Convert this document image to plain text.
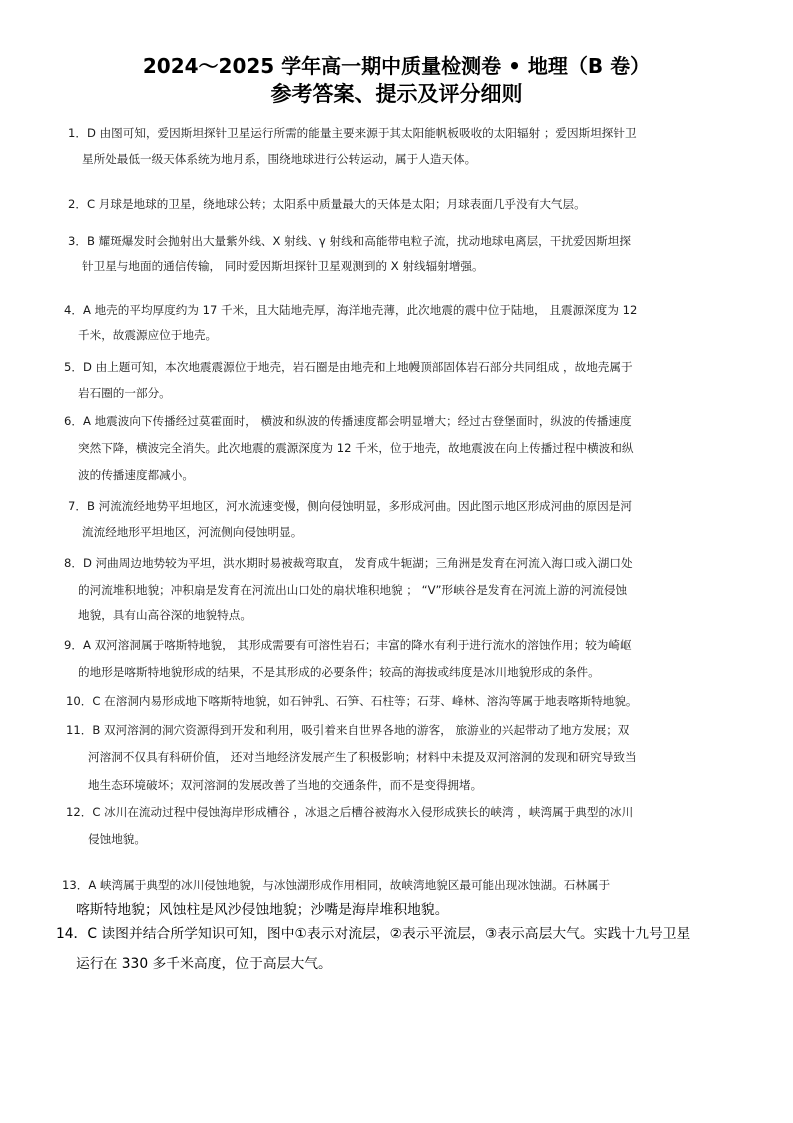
2024～2025 学年高一期中质量检测卷 • 地理（B 卷）
参考答案、提示及评分细则
1．D 由图可知，爱因斯坦探针卫星运行所需的能量主要来源于其太阳能帆板吸收的太阳辐射 ；爱因斯坦探针卫
星所处最低一级天体系统为地月系，围绕地球进行公转运动，属于人造天体。
2．C 月球是地球的卫星，绕地球公转；太阳系中质量最大的天体是太阳；月球表面几乎没有大气层。
3．B 耀斑爆发时会抛射出大量紫外线、X 射线、γ 射线和高能带电粒子流，扰动地球电离层，干扰爱因斯坦探
针卫星与地面的通信传输， 同时爱因斯坦探针卫星观测到的 X 射线辐射增强。
4．A 地壳的平均厚度约为 17 千米，且大陆地壳厚，海洋地壳薄，此次地震的震中位于陆地， 且震源深度为 12
千米，故震源应位于地壳。
5．D 由上题可知，本次地震震源位于地壳，岩石圈是由地壳和上地幔顶部固体岩石部分共同组成 ，故地壳属于
岩石圈的一部分。
6．A 地震波向下传播经过莫霍面时， 横波和纵波的传播速度都会明显增大；经过古登堡面时，纵波的传播速度
突然下降，横波完全消失。此次地震的震源深度为 12 千米，位于地壳，故地震波在向上传播过程中横波和纵
波的传播速度都减小。
7．B 河流流经地势平坦地区，河水流速变慢，侧向侵蚀明显，多形成河曲。因此图示地区形成河曲的原因是河
流流经地形平坦地区，河流侧向侵蚀明显。
8．D 河曲周边地势较为平坦，洪水期时易被裁弯取直， 发育成牛轭湖；三角洲是发育在河流入海口或入湖口处
的河流堆积地貌；冲积扇是发育在河流出山口处的扇状堆积地貌 ； “V”形峡谷是发育在河流上游的河流侵蚀
地貌，具有山高谷深的地貌特点。
9．A 双河溶洞属于喀斯特地貌， 其形成需要有可溶性岩石；丰富的降水有利于进行流水的溶蚀作用；较为崎岖
的地形是喀斯特地貌形成的结果，不是其形成的必要条件；较高的海拔或纬度是冰川地貌形成的条件。
10．C 在溶洞内易形成地下喀斯特地貌，如石钟乳、石笋、石柱等；石芽、峰林、溶沟等属于地表喀斯特地貌。
11．B 双河溶洞的洞穴资源得到开发和利用，吸引着来自世界各地的游客， 旅游业的兴起带动了地方发展；双
河溶洞不仅具有科研价值， 还对当地经济发展产生了积极影响；材料中未提及双河溶洞的发现和研究导致当
地生态环境破坏；双河溶洞的发展改善了当地的交通条件，而不是变得拥堵。
12．C 冰川在流动过程中侵蚀海岸形成槽谷 ，冰退之后槽谷被海水入侵形成狭长的峡湾 ，峡湾属于典型的冰川
侵蚀地貌。
13．A 峡湾属于典型的冰川侵蚀地貌，与冰蚀湖形成作用相同，故峡湾地貌区最可能出现冰蚀湖。石林属于
喀斯特地貌；风蚀柱是风沙侵蚀地貌；沙嘴是海岸堆积地貌。
14．C 读图并结合所学知识可知，图中①表示对流层，②表示平流层，③表示高层大气。实践十九号卫星
运行在 330 多千米高度，位于高层大气。
